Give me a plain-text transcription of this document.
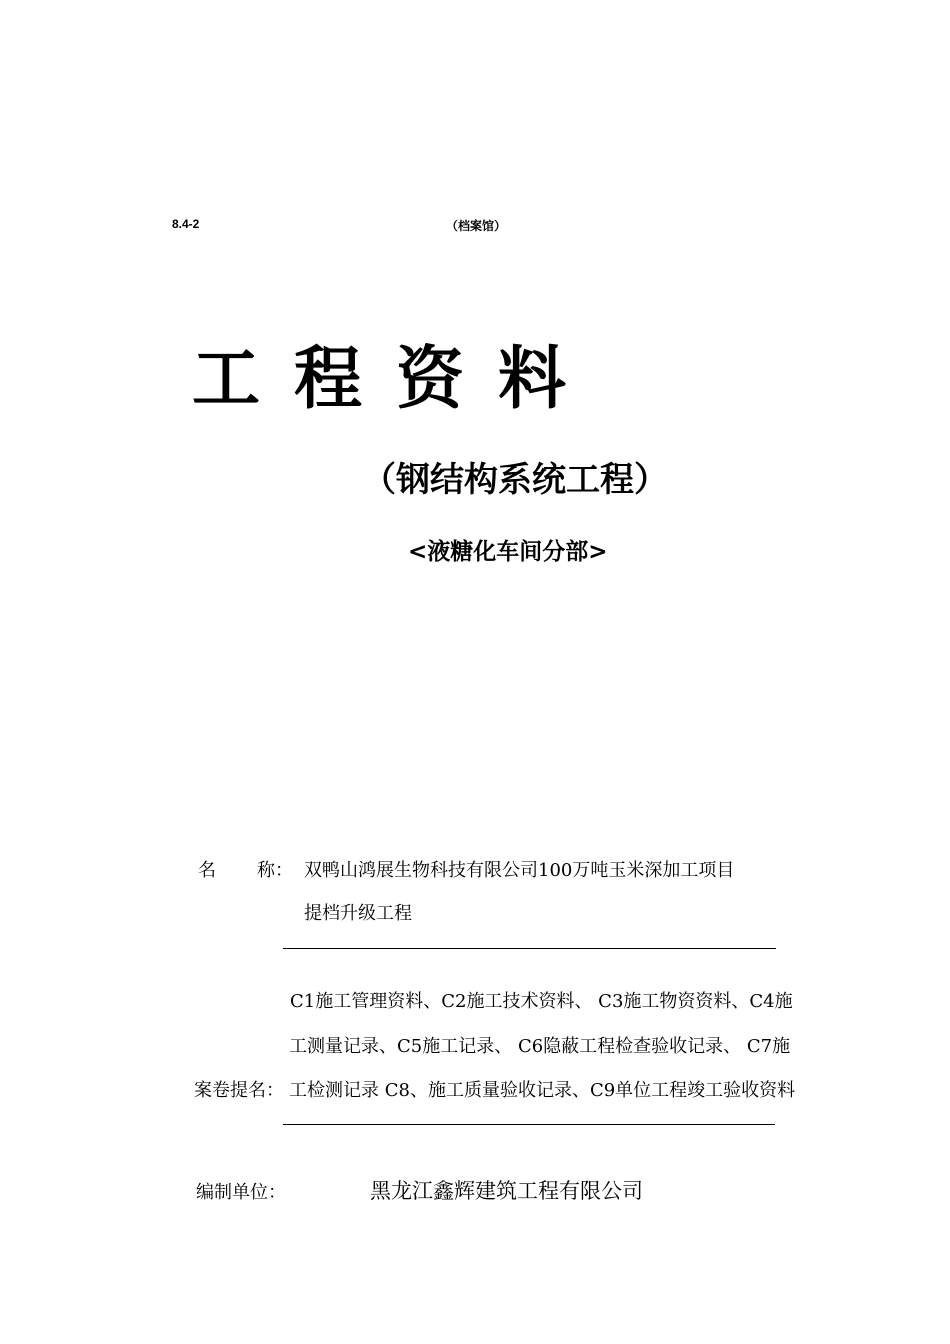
8.4-2	（档案馆）
工程资料
（钢结构系统工程）
<液糖化车间分部>
名 称： 双鸭山鸿展生物科技有限公司100万吨玉米深加工项目
提档升级工程
C1施工管理资料、C2施工技术资料、 C3施工物资资料、C4施
工测量记录、C5施工记录、 C6隐蔽工程检查验收记录、 C7施
案卷提名： 工检测记录 C8、施工质量验收记录、C9单位工程竣工验收资料
编制单位：	黑龙江鑫辉建筑工程有限公司
